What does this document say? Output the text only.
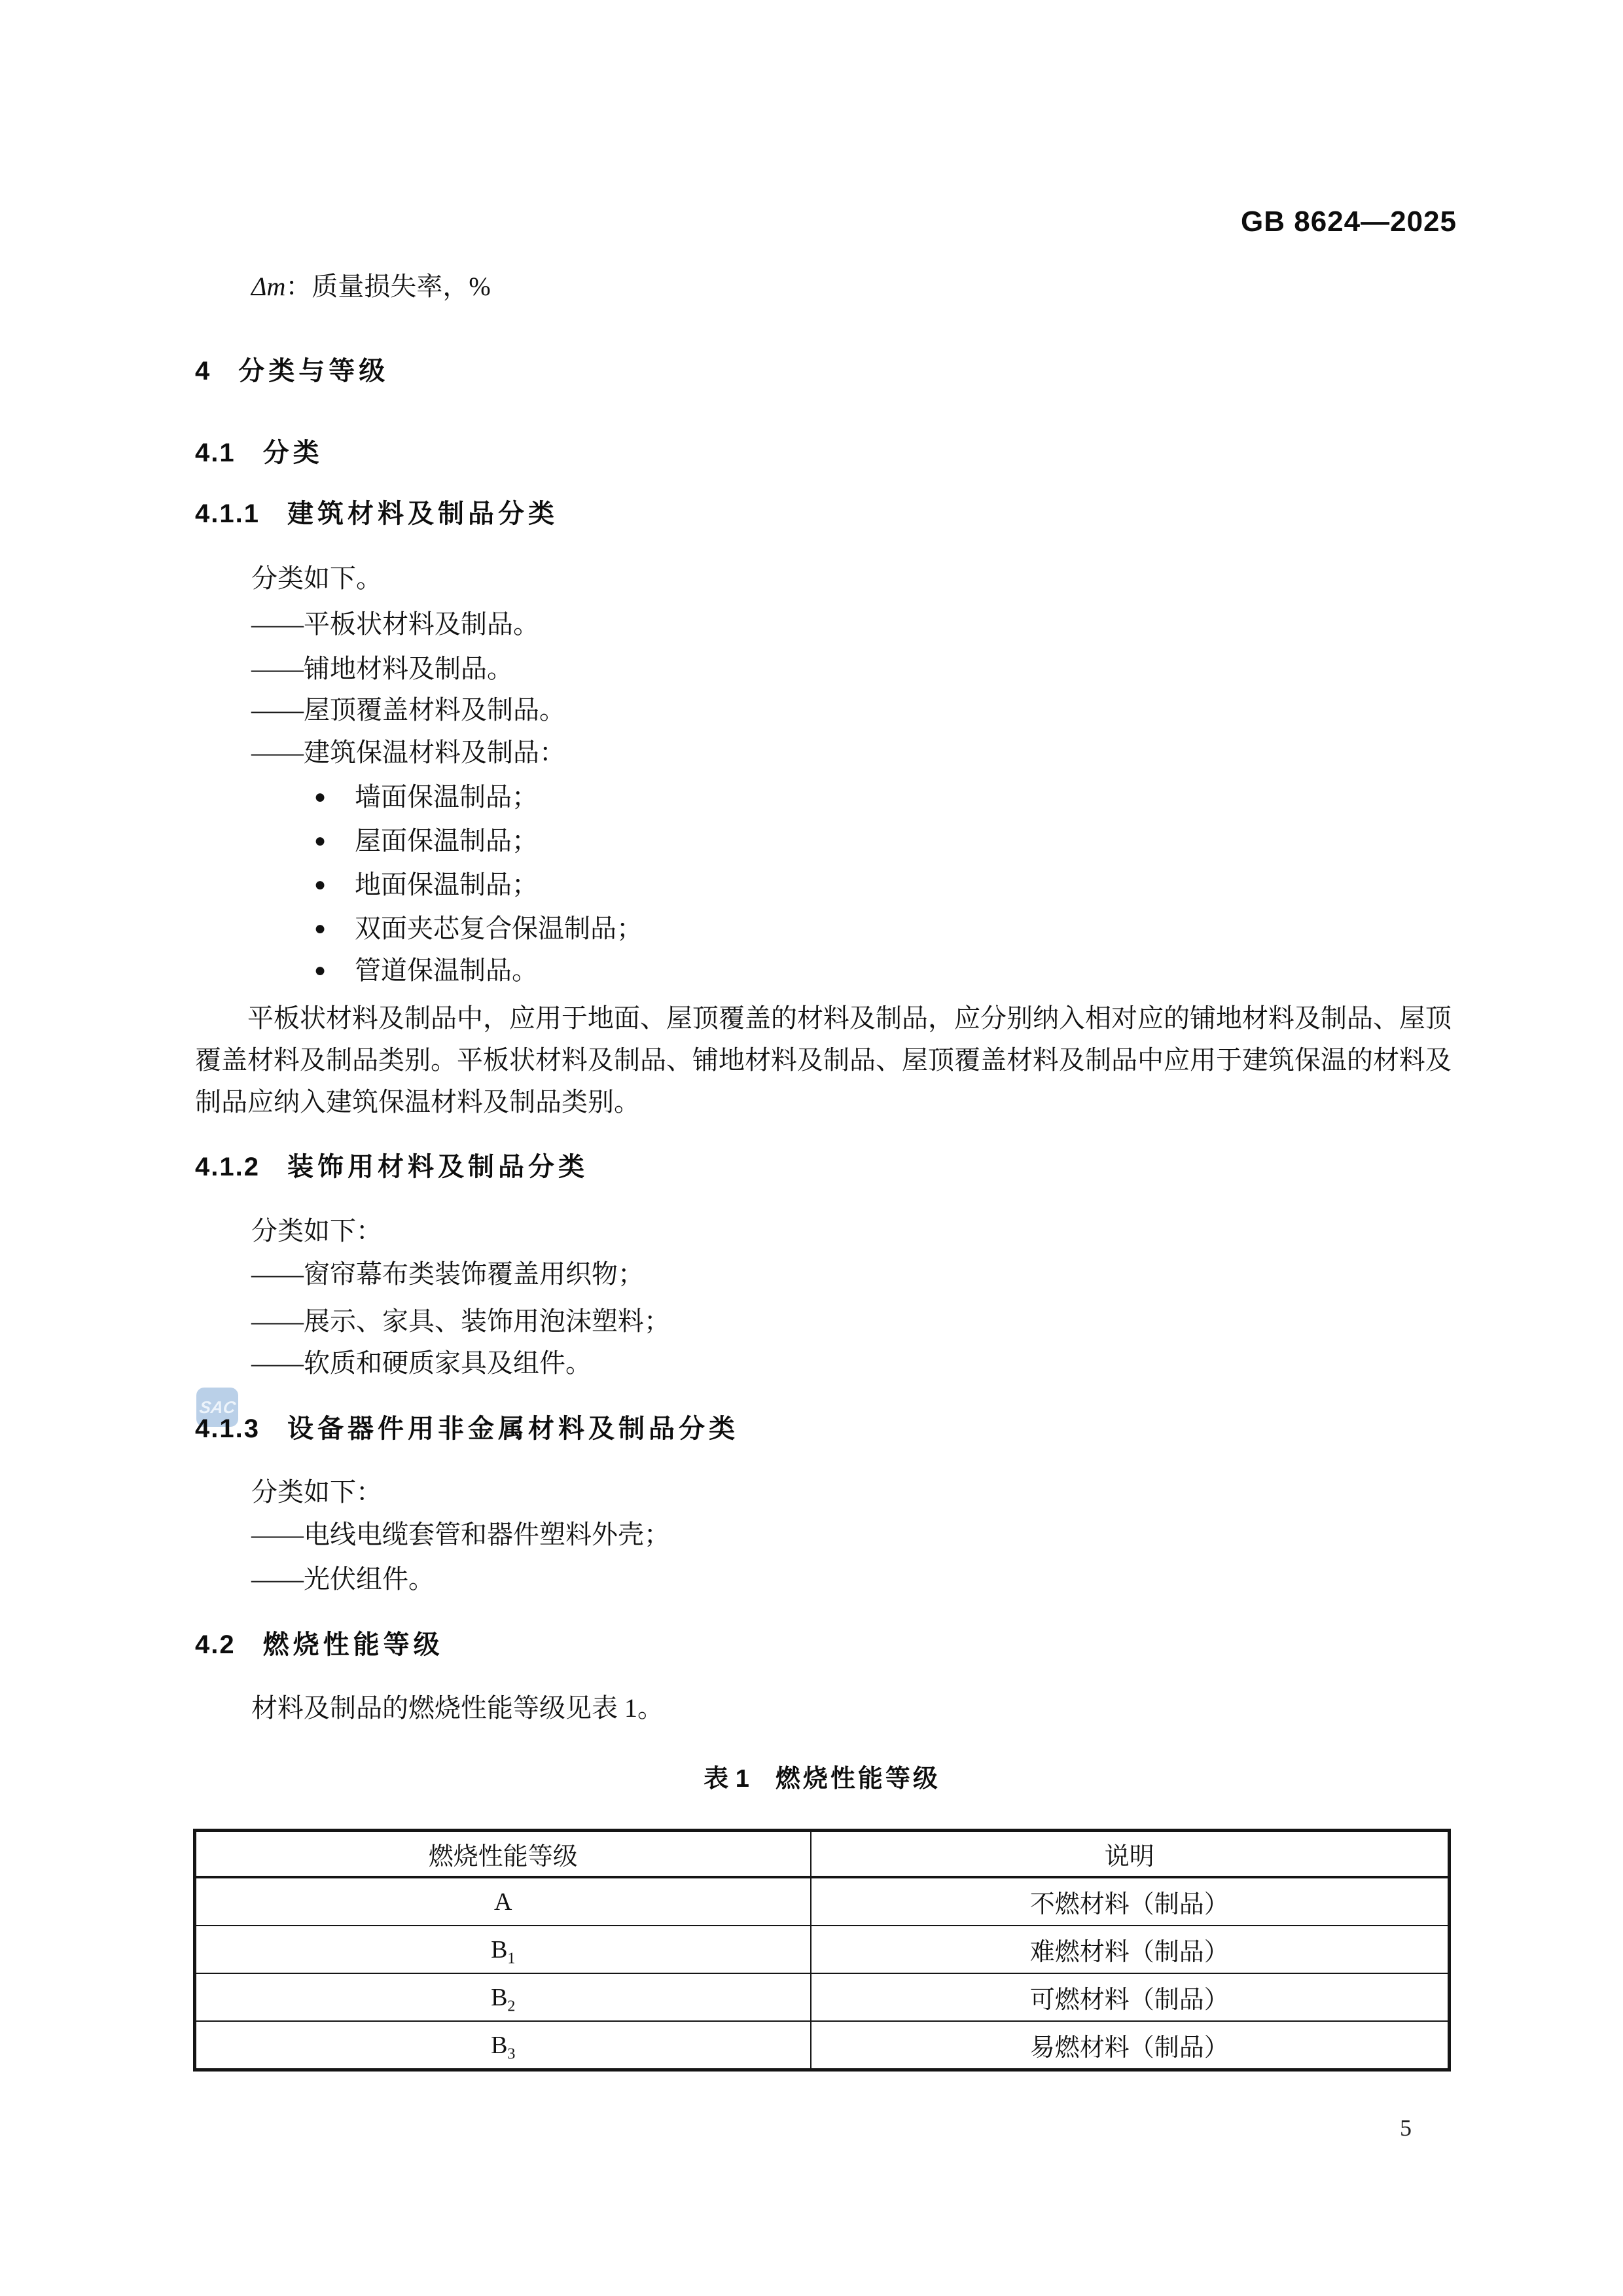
GB 8624—2025
Δm：质量损失率，%
4 分类与等级
4.1 分类
4.1.1 建筑材料及制品分类
分类如下。
——平板状材料及制品。
——铺地材料及制品。
——屋顶覆盖材料及制品。
——建筑保温材料及制品：
● 墙面保温制品；
● 屋面保温制品；
● 地面保温制品；
● 双面夹芯复合保温制品；
● 管道保温制品。
平板状材料及制品中，应用于地面、屋顶覆盖的材料及制品，应分别纳入相对应的铺地材料及制品、屋顶覆盖材料及制品类别。平板状材料及制品、铺地材料及制品、屋顶覆盖材料及制品中应用于建筑保温的材料及制品应纳入建筑保温材料及制品类别。
4.1.2 装饰用材料及制品分类
分类如下：
——窗帘幕布类装饰覆盖用织物；
——展示、家具、装饰用泡沫塑料；
——软质和硬质家具及组件。
SAC
4.1.3 设备器件用非金属材料及制品分类
分类如下：
——电线电缆套管和器件塑料外壳；
——光伏组件。
4.2 燃烧性能等级
材料及制品的燃烧性能等级见表 1。
表 1 燃烧性能等级
燃烧性能等级	说明
A	不燃材料（制品）
$B_1$	难燃材料（制品）
$B_2$	可燃材料（制品）
$B_3$	易燃材料（制品）
5
